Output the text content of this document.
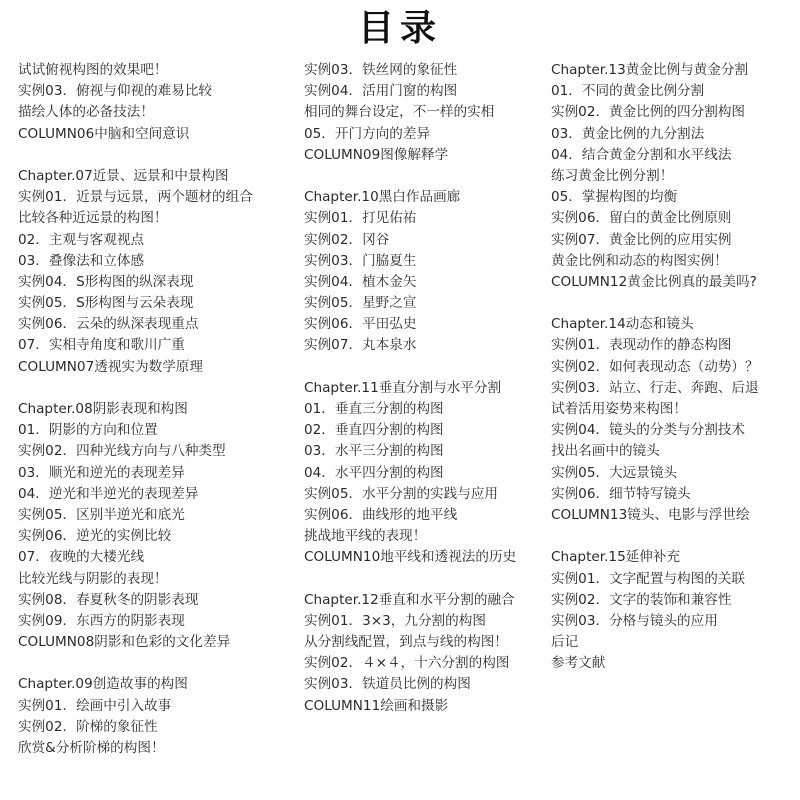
目录
试试俯视构图的效果吧！
实例03．俯视与仰视的难易比较
描绘人体的必备技法！
COLUMN06中脑和空间意识
Chapter.07近景、远景和中景构图
实例01．近景与远景，两个题材的组合
比较各种近远景的构图！
02．主观与客观视点
03．叠像法和立体感
实例04．S形构图的纵深表现
实例05．S形构图与云朵表现
实例06．云朵的纵深表现重点
07．实相寺角度和歌川广重
COLUMN07透视实为数学原理
Chapter.08阴影表现和构图
01．阴影的方向和位置
实例02．四种光线方向与八种类型
03．顺光和逆光的表现差异
04．逆光和半逆光的表现差异
实例05．区别半逆光和底光
实例06．逆光的实例比较
07．夜晚的大楼光线
比较光线与阴影的表现！
实例08．春夏秋冬的阴影表现
实例09．东西方的阴影表现
COLUMN08阴影和色彩的文化差异
Chapter.09创造故事的构图
实例01．绘画中引入故事
实例02．阶梯的象征性
欣赏&分析阶梯的构图！
实例03．铁丝网的象征性
实例04．活用门窗的构图
相同的舞台设定，不一样的实相
05．开门方向的差异
COLUMN09图像解释学
Chapter.10黑白作品画廊
实例01．打见佑祐
实例02．冈谷
实例03．门脇夏生
实例04．植木金矢
实例05．星野之宣
实例06．平田弘史
实例07．丸本泉水
Chapter.11垂直分割与水平分割
01．垂直三分割的构图
02．垂直四分割的构图
03．水平三分割的构图
04．水平四分割的构图
实例05．水平分割的实践与应用
实例06．曲线形的地平线
挑战地平线的表现！
COLUMN10地平线和透视法的历史
Chapter.12垂直和水平分割的融合
实例01．3×3，九分割的构图
从分割线配置，到点与线的构图！
实例02．４×４，十六分割的构图
实例03．铁道员比例的构图
COLUMN11绘画和摄影
Chapter.13黄金比例与黄金分割
01．不同的黄金比例分割
实例02．黄金比例的四分割构图
03．黄金比例的九分割法
04．结合黄金分割和水平线法
练习黄金比例分割！
05．掌握构图的均衡
实例06．留白的黄金比例原则
实例07．黄金比例的应用实例
黄金比例和动态的构图实例！
COLUMN12黄金比例真的最美吗?
Chapter.14动态和镜头
实例01．表现动作的静态构图
实例02．如何表现动态（动势）？
实例03．站立、行走、奔跑、后退
试着活用姿势来构图！
实例04．镜头的分类与分割技术
找出名画中的镜头
实例05．大远景镜头
实例06．细节特写镜头
COLUMN13镜头、电影与浮世绘
Chapter.15延伸补充
实例01．文字配置与构图的关联
实例02．文字的装饰和兼容性
实例03．分格与镜头的应用
后记
参考文献
